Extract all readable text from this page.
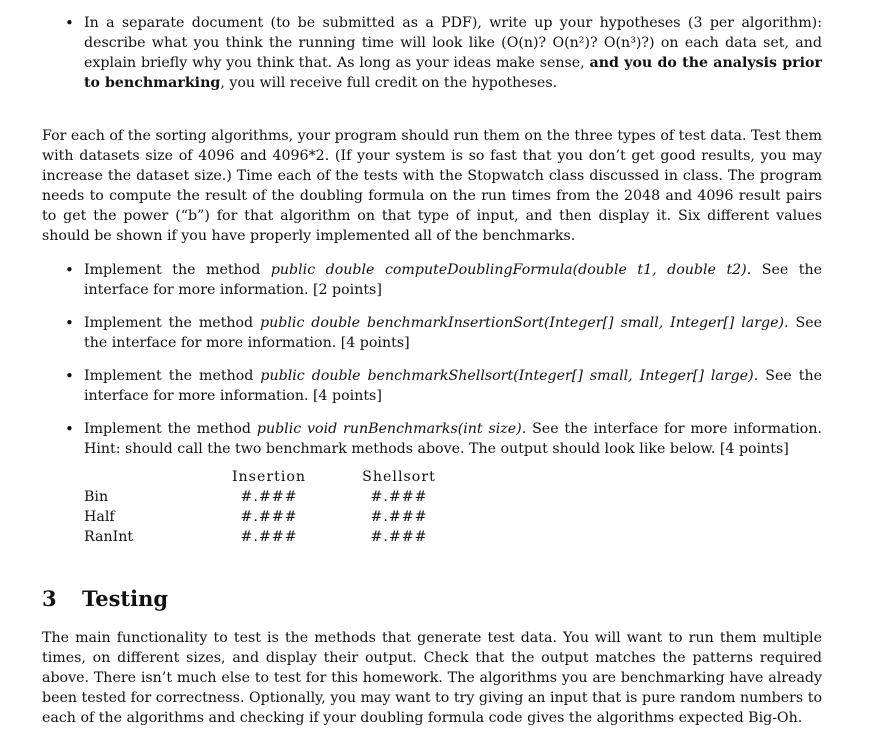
• In a separate document (to be submitted as a PDF), write up your hypotheses (3 per algorithm): describe what you think the running time will look like (O(n)? O(n²)? O(n³)?) on each data set, and explain briefly why you think that. As long as your ideas make sense, and you do the analysis prior to benchmarking, you will receive full credit on the hypotheses.

For each of the sorting algorithms, your program should run them on the three types of test data. Test them with datasets size of 4096 and 4096*2. (If your system is so fast that you don’t get good results, you may increase the dataset size.) Time each of the tests with the Stopwatch class discussed in class. The program needs to compute the result of the doubling formula on the run times from the 2048 and 4096 result pairs to get the power (“b”) for that algorithm on that type of input, and then display it. Six different values should be shown if you have properly implemented all of the benchmarks.

• Implement the method public double computeDoublingFormula(double t1, double t2). See the interface for more information. [2 points]

• Implement the method public double benchmarkInsertionSort(Integer[] small, Integer[] large). See the interface for more information. [4 points]

• Implement the method public double benchmarkShellsort(Integer[] small, Integer[] large). See the interface for more information. [4 points]

• Implement the method public void runBenchmarks(int size). See the interface for more information. Hint: should call the two benchmark methods above. The output should look like below. [4 points]

	Insertion	Shellsort
Bin	#.###	#.###
Half	#.###	#.###
RanInt	#.###	#.###
3 Testing

The main functionality to test is the methods that generate test data. You will want to run them multiple times, on different sizes, and display their output. Check that the output matches the patterns required above. There isn’t much else to test for this homework. The algorithms you are benchmarking have already been tested for correctness. Optionally, you may want to try giving an input that is pure random numbers to each of the algorithms and checking if your doubling formula code gives the algorithms expected Big-Oh.
